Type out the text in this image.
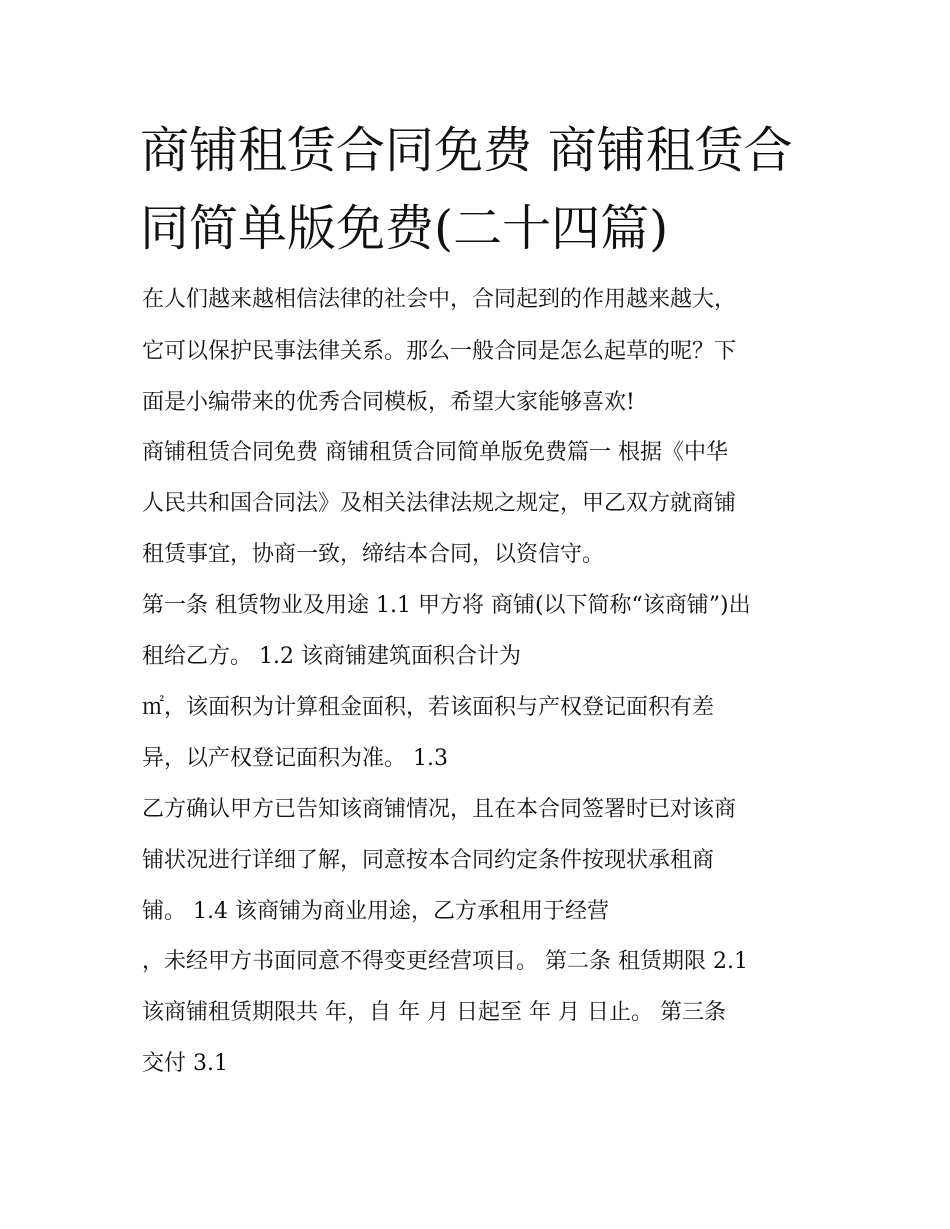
商铺租赁合同免费 商铺租赁合
同简单版免费(二十四篇)

在人们越来越相信法律的社会中，合同起到的作用越来越大，

它可以保护民事法律关系。那么一般合同是怎么起草的呢？下

面是小编带来的优秀合同模板，希望大家能够喜欢!

商铺租赁合同免费 商铺租赁合同简单版免费篇一 根据《中华

人民共和国合同法》及相关法律法规之规定，甲乙双方就商铺

租赁事宜，协商一致，缔结本合同，以资信守。

第一条 租赁物业及用途 1.1 甲方将 商铺(以下简称“该商铺”)出

租给乙方。 1.2 该商铺建筑面积合计为

㎡，该面积为计算租金面积，若该面积与产权登记面积有差

异，以产权登记面积为准。 1.3

乙方确认甲方已告知该商铺情况，且在本合同签署时已对该商

铺状况进行详细了解，同意按本合同约定条件按现状承租商

铺。 1.4 该商铺为商业用途，乙方承租用于经营

，未经甲方书面同意不得变更经营项目。 第二条 租赁期限 2.1

该商铺租赁期限共 年，自 年 月 日起至 年 月 日止。 第三条

交付 3.1
